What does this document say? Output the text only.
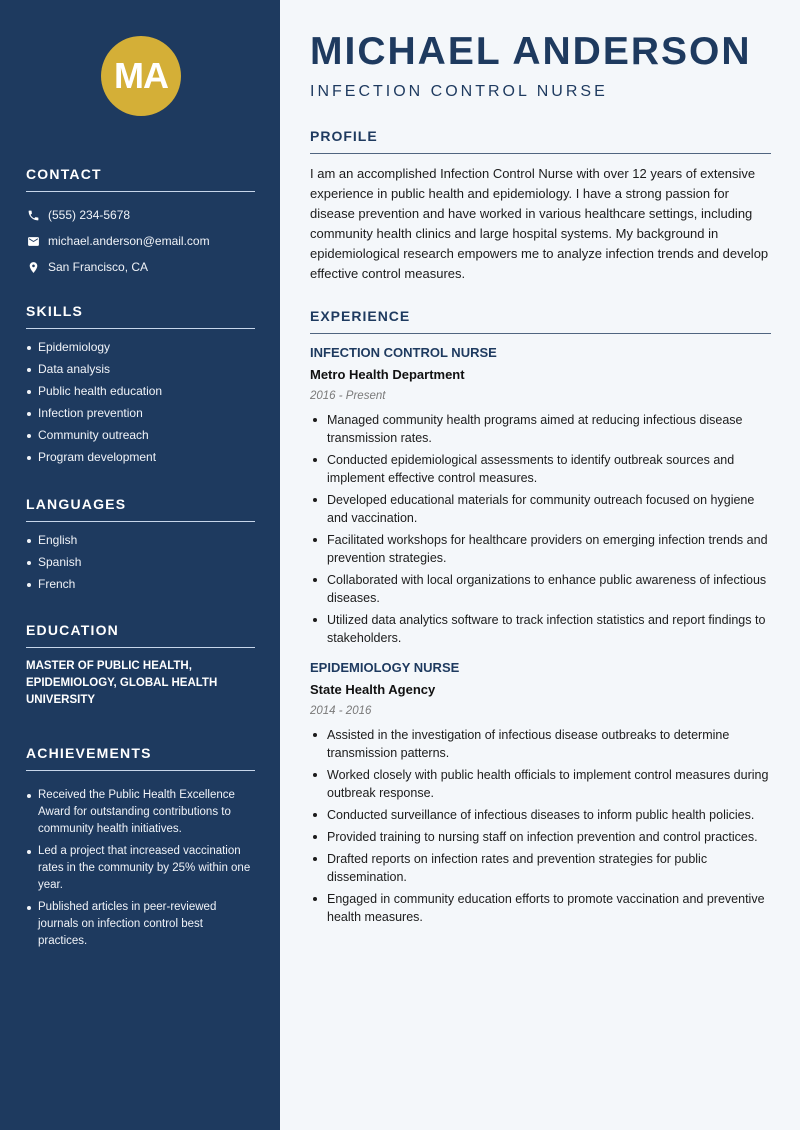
MA
CONTACT
(555) 234-5678
michael.anderson@email.com
San Francisco, CA
SKILLS
Epidemiology
Data analysis
Public health education
Infection prevention
Community outreach
Program development
LANGUAGES
English
Spanish
French
EDUCATION
MASTER OF PUBLIC HEALTH, EPIDEMIOLOGY, GLOBAL HEALTH UNIVERSITY
ACHIEVEMENTS
Received the Public Health Excellence Award for outstanding contributions to community health initiatives.
Led a project that increased vaccination rates in the community by 25% within one year.
Published articles in peer-reviewed journals on infection control best practices.
MICHAEL ANDERSON
INFECTION CONTROL NURSE
PROFILE

I am an accomplished Infection Control Nurse with over 12 years of extensive experience in public health and epidemiology. I have a strong passion for disease prevention and have worked in various healthcare settings, including community health clinics and large hospital systems. My background in epidemiological research empowers me to analyze infection trends and develop effective control measures.

EXPERIENCE
INFECTION CONTROL NURSE
Metro Health Department
2016 - Present
Managed community health programs aimed at reducing infectious disease transmission rates.
Conducted epidemiological assessments to identify outbreak sources and implement effective control measures.
Developed educational materials for community outreach focused on hygiene and vaccination.
Facilitated workshops for healthcare providers on emerging infection trends and prevention strategies.
Collaborated with local organizations to enhance public awareness of infectious diseases.
Utilized data analytics software to track infection statistics and report findings to stakeholders.
EPIDEMIOLOGY NURSE
State Health Agency
2014 - 2016
Assisted in the investigation of infectious disease outbreaks to determine transmission patterns.
Worked closely with public health officials to implement control measures during outbreak response.
Conducted surveillance of infectious diseases to inform public health policies.
Provided training to nursing staff on infection prevention and control practices.
Drafted reports on infection rates and prevention strategies for public dissemination.
Engaged in community education efforts to promote vaccination and preventive health measures.
